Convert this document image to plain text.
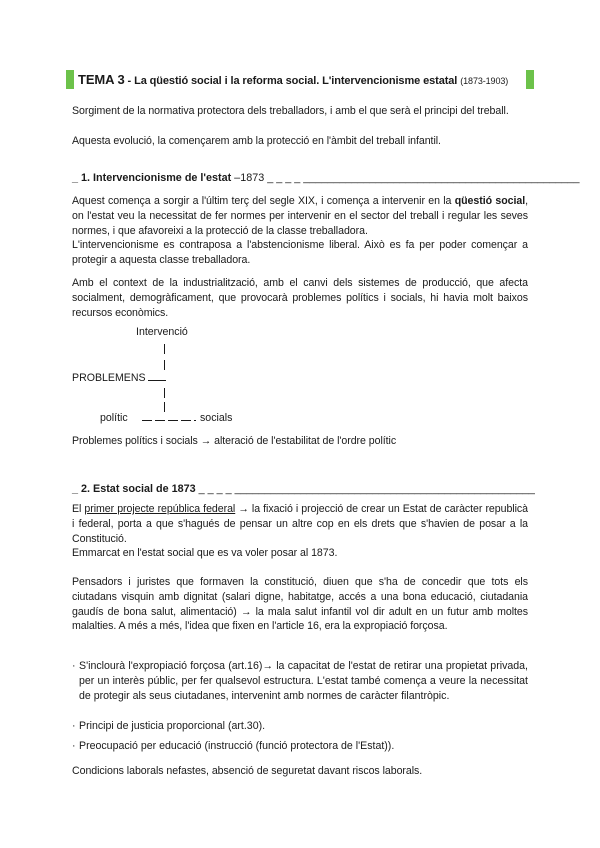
TEMA 3 - La qüestió social i la reforma social. L'intervencionisme estatal (1873-1903)
Sorgiment de la normativa protectora dels treballadors, i amb el que serà el principi del treball.
Aquesta evolució, la començarem amb la protecció en l'àmbit del treball infantil.
_ 1. Intervencionisme de l'estat –1873 _ _ _ _ ______________________________________________
Aquest comença a sorgir a l'últim terç del segle XIX, i comença a intervenir en la qüestió social, on l'estat veu la necessitat de fer normes per intervenir en el sector del treball i regular les seves normes, i que afavoreixi a la protecció de la classe treballadora.
L'intervencionisme es contraposa a l'abstencionisme liberal. Això es fa per poder començar a protegir a aquesta classe treballadora.
Amb el context de la industrialització, amb el canvi dels sistemes de producció, que afecta socialment, demogràficament, que provocarà problemes polítics i socials, hi havia molt baixos recursos econòmics.
Intervenció
PROBLEMENS
polític	socials
Problemes polítics i socials → alteració de l'estabilitat de l'ordre polític
_ 2. Estat social de 1873 _ _ _ _ __________________________________________________
El primer projecte república federal → la fixació i projecció de crear un Estat de caràcter republicà i federal, porta a que s'hagués de pensar un altre cop en els drets que s'havien de posar a la Constitució.
Emmarcat en l'estat social que es va voler posar al 1873.
Pensadors i juristes que formaven la constitució, diuen que s'ha de concedir que tots els ciutadans visquin amb dignitat (salari digne, habitatge, accés a una bona educació, ciutadania gaudís de bona salut, alimentació) → la mala salut infantil vol dir adult en un futur amb moltes malalties. A més a més, l'idea que fixen en l'article 16, era la expropiació forçosa.
· S'inclourà l'expropiació forçosa (art.16)→ la capacitat de l'estat de retirar una propietat privada, per un interès públic, per fer qualsevol estructura. L'estat també comença a veure la necessitat de protegir als seus ciutadanes, intervenint amb normes de caràcter filantròpic.
· Principi de justicia proporcional (art.30).
· Preocupació per educació (instrucció (funció protectora de l'Estat)).
Condicions laborals nefastes, absenció de seguretat davant riscos laborals.
